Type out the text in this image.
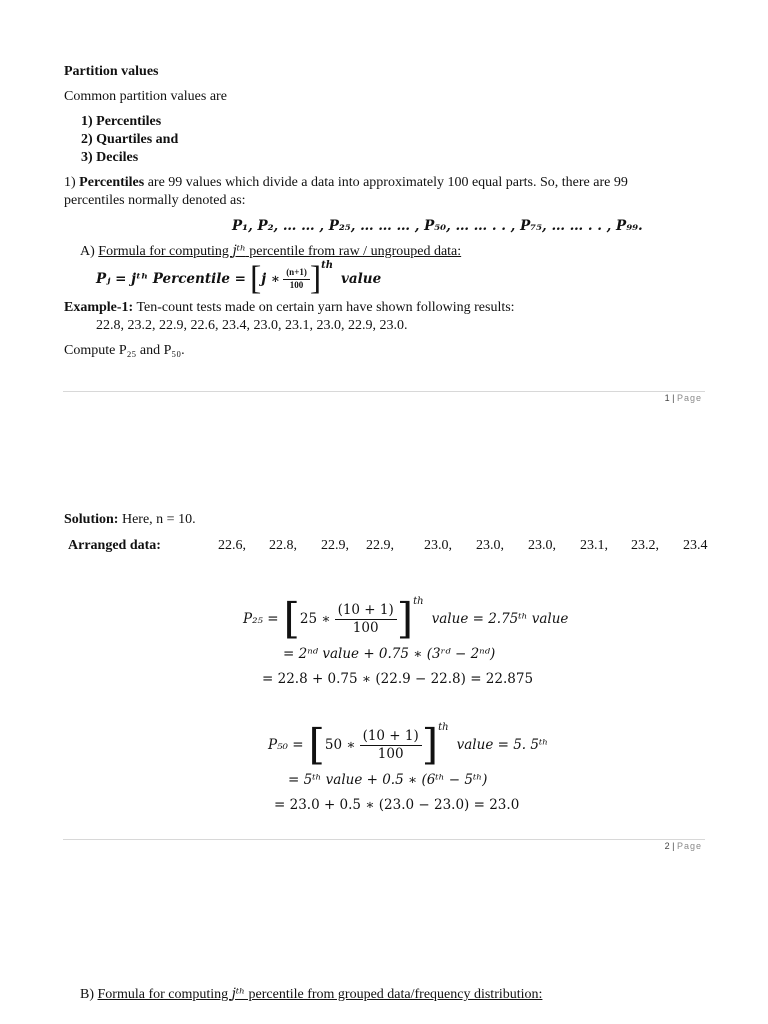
Partition values
Common partition values are
1) Percentiles
2) Quartiles and
3) Deciles
1) Percentiles are 99 values which divide a data into approximately 100 equal parts. So, there are 99
percentiles normally denoted as:
P₁, P₂, … … , P₂₅, … … … , P₅₀, … … . . , P₇₅, … … . . , P₉₉.
A) Formula for computing jᵗʰ percentile from raw / ungrouped data:
Pⱼ = jᵗʰ Percentile = [ j ∗ $\frac{(n+1)}{100}$ ] th
value
Example-1: Ten-count tests made on certain yarn have shown following results:
22.8, 23.2, 22.9, 22.6, 23.4, 23.0, 23.1, 23.0, 22.9, 23.0.
Compute P₂₅ and P₅₀.
1 | Page
Solution: Here, n = 10.
Arranged data:	22.6, 22.8, 22.9, 22.9, 23.0, 23.0, 23.0, 23.1, 23.2, 23.4
P₂₅ = [ 25 ∗ $\frac{(10 + 1)}{100}$ ] th
value = 2.75ᵗʰ value
= 2ⁿᵈ value + 0.75 ∗ (3ʳᵈ − 2ⁿᵈ)
= 22.8 + 0.75 ∗ (22.9 − 22.8) = 22.875
P₅₀ = [ 50 ∗ $\frac{(10 + 1)}{100}$ ] th
value = 5. 5ᵗʰ
= 5ᵗʰ value + 0.5 ∗ (6ᵗʰ − 5ᵗʰ)
= 23.0 + 0.5 ∗ (23.0 − 23.0) = 23.0
2 | Page
B) Formula for computing jᵗʰ percentile from grouped data/frequency distribution:
